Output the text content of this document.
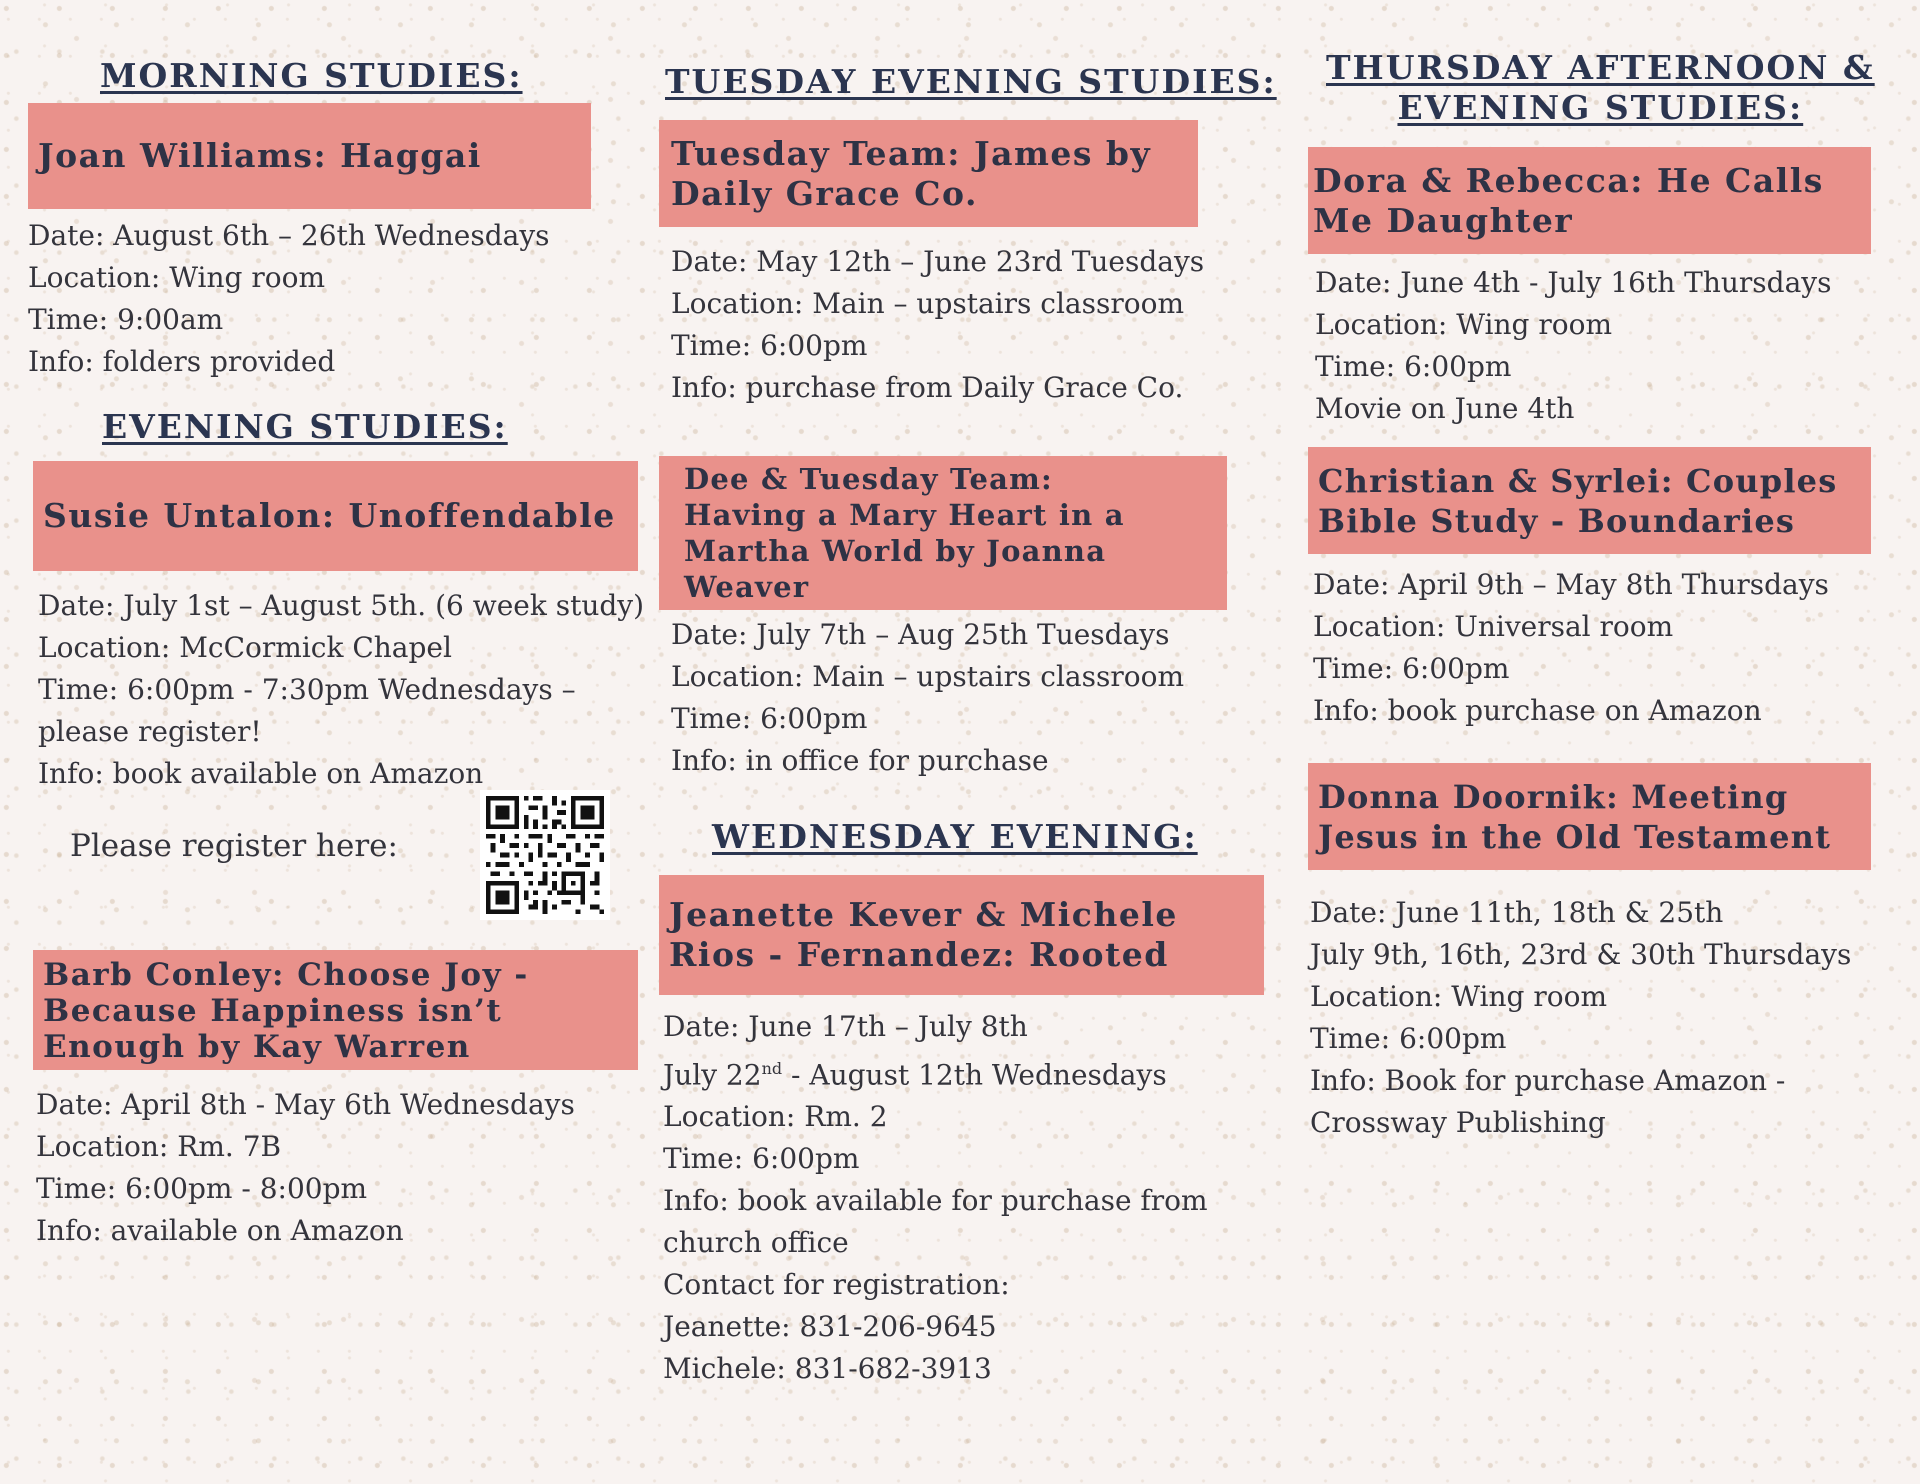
MORNING STUDIES:
Joan Williams: Haggai
Date: August 6th – 26th Wednesdays
Location: Wing room
Time: 9:00am
Info: folders provided
EVENING STUDIES:
Susie Untalon: Unoffendable
Date: July 1st – August 5th. (6 week study)
Location: McCormick Chapel
Time: 6:00pm - 7:30pm Wednesdays –
please register!
Info: book available on Amazon
Please register here:
Barb Conley: Choose Joy -
Because Happiness isn’t
Enough by Kay Warren
Date: April 8th - May 6th Wednesdays
Location: Rm. 7B
Time: 6:00pm - 8:00pm
Info: available on Amazon
TUESDAY EVENING STUDIES:
Tuesday Team: James by
Daily Grace Co.
Date: May 12th – June 23rd Tuesdays
Location: Main – upstairs classroom
Time: 6:00pm
Info: purchase from Daily Grace Co.
Dee & Tuesday Team:
Having a Mary Heart in a
Martha World by Joanna
Weaver
Date: July 7th – Aug 25th Tuesdays
Location: Main – upstairs classroom
Time: 6:00pm
Info: in office for purchase
WEDNESDAY EVENING:
Jeanette Kever & Michele
Rios - Fernandez: Rooted
Date: June 17th – July 8th
July 22nd - August 12th Wednesdays
Location: Rm. 2
Time: 6:00pm
Info: book available for purchase from
church office
Contact for registration:
Jeanette: 831-206-9645
Michele: 831-682-3913
THURSDAY AFTERNOON &
EVENING STUDIES:
Dora & Rebecca: He Calls
Me Daughter
Date: June 4th - July 16th Thursdays
Location: Wing room
Time: 6:00pm
Movie on June 4th
Christian & Syrlei: Couples
Bible Study - Boundaries
Date: April 9th – May 8th Thursdays
Location: Universal room
Time: 6:00pm
Info: book purchase on Amazon
Donna Doornik: Meeting
Jesus in the Old Testament
Date: June 11th, 18th & 25th
July 9th, 16th, 23rd & 30th Thursdays
Location: Wing room
Time: 6:00pm
Info: Book for purchase Amazon -
Crossway Publishing
